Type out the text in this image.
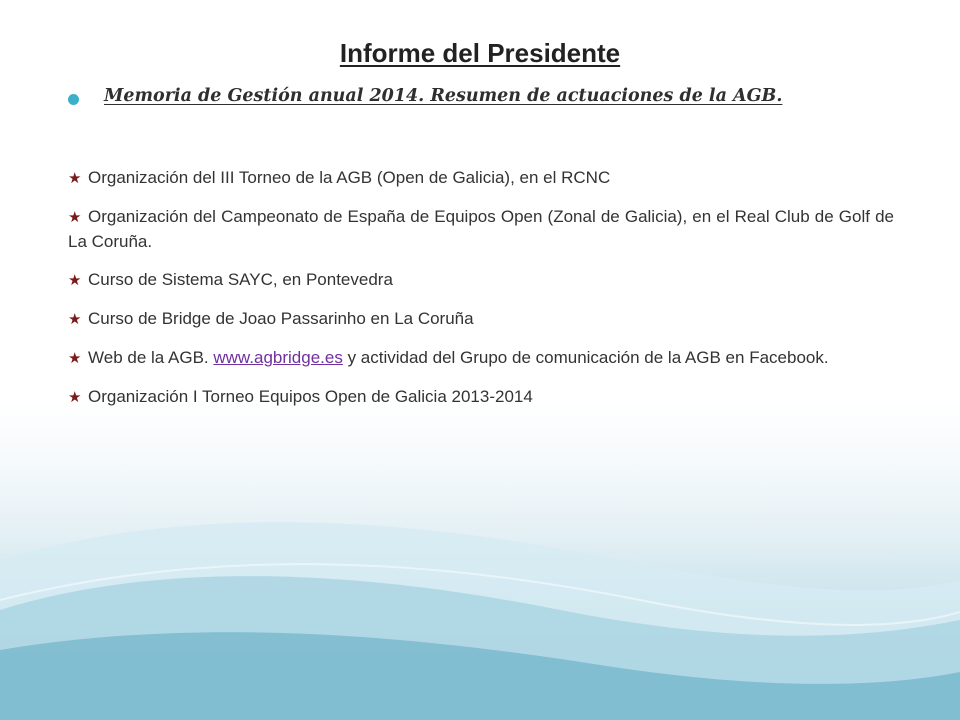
Informe del Presidente
Memoria de Gestión anual 2014. Resumen de actuaciones de la AGB.
★ Organización del III Torneo de la AGB (Open de Galicia), en el RCNC
★ Organización del Campeonato de España de Equipos Open (Zonal de Galicia), en el Real Club de Golf de La Coruña.
★ Curso de Sistema SAYC, en Pontevedra
★ Curso de Bridge de Joao Passarinho en La Coruña
★ Web de la AGB. www.agbridge.es y actividad del Grupo de comunicación de la AGB en Facebook.
★ Organización I Torneo Equipos Open de Galicia 2013-2014
